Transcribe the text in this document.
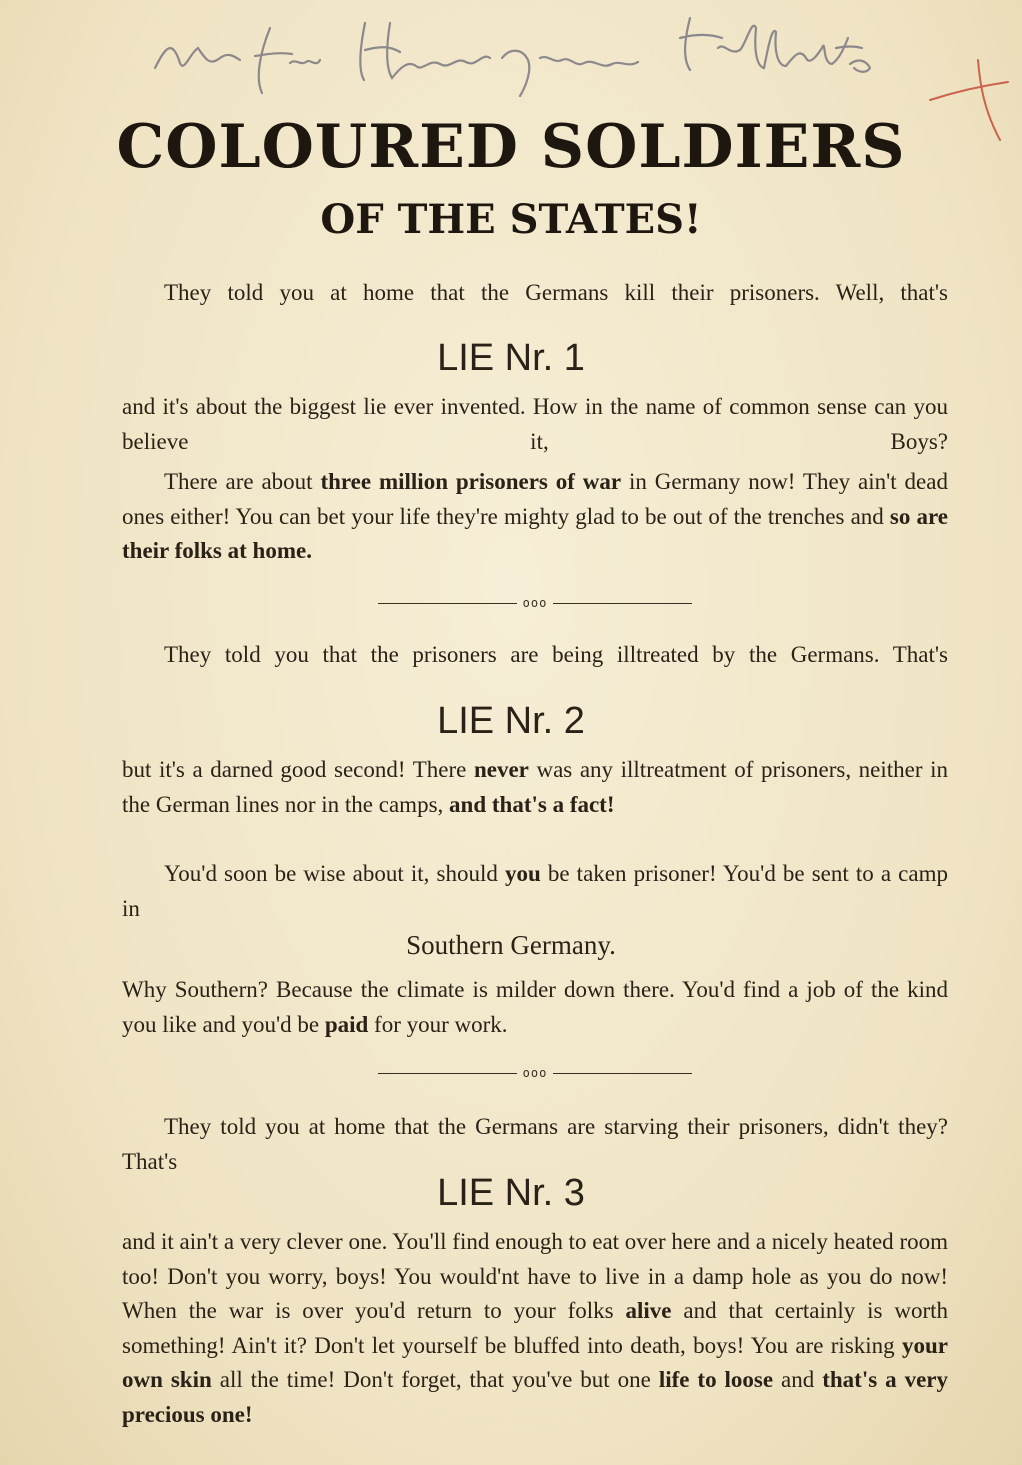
COLOURED SOLDIERS
OF THE STATES!
They told you at home that the Germans kill their prisoners. Well, that's
LIE Nr. 1
and it's about the biggest lie ever invented. How in the name of common sense can you believe it, Boys?
There are about three million prisoners of war in Germany now! They ain't dead ones either! You can bet your life they're mighty glad to be out of the trenches and so are their folks at home.
ooo
They told you that the prisoners are being illtreated by the Germans. That's
LIE Nr. 2
but it's a darned good second! There never was any illtreatment of prisoners, neither in the German lines nor in the camps, and that's a fact!
You'd soon be wise about it, should you be taken prisoner! You'd be sent to a camp in
Southern Germany.
Why Southern? Because the climate is milder down there. You'd find a job of the kind you like and you'd be paid for your work.
ooo
They told you at home that the Germans are starving their prisoners, didn't they? That's
LIE Nr. 3
and it ain't a very clever one. You'll find enough to eat over here and a nicely heated room too! Don't you worry, boys! You would'nt have to live in a damp hole as you do now! When the war is over you'd return to your folks alive and that certainly is worth something! Ain't it? Don't let yourself be bluffed into death, boys! You are risking your own skin all the time! Don't forget, that you've but one life to loose and that's a very precious one!
